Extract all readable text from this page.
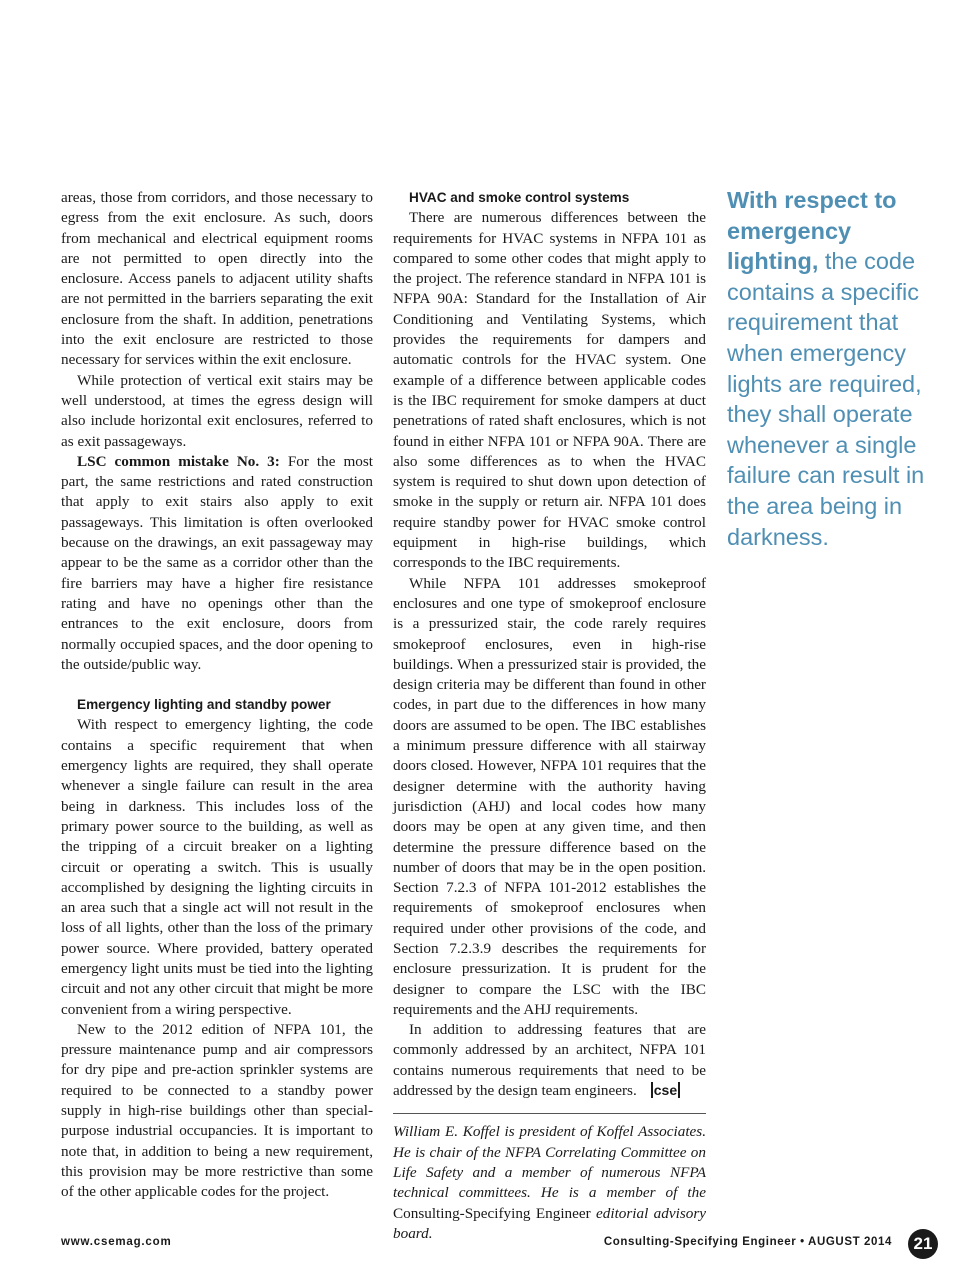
areas, those from corridors, and those necessary to egress from the exit enclosure. As such, doors from mechanical and electrical equipment rooms are not permitted to open directly into the enclosure. Access panels to adjacent utility shafts are not permitted in the barriers separating the exit enclosure from the shaft. In addition, penetrations into the exit enclosure are restricted to those necessary for services within the exit enclosure.

While protection of vertical exit stairs may be well understood, at times the egress design will also include horizontal exit enclosures, referred to as exit passageways.

LSC common mistake No. 3: For the most part, the same restrictions and rated construction that apply to exit stairs also apply to exit passageways. This limitation is often overlooked because on the drawings, an exit passageway may appear to be the same as a corridor other than the fire barriers may have a higher fire resistance rating and have no openings other than the entrances to the exit enclosure, doors from normally occupied spaces, and the door opening to the outside/public way.

Emergency lighting and standby power

With respect to emergency lighting, the code contains a specific requirement that when emergency lights are required, they shall operate whenever a single failure can result in the area being in darkness. This includes loss of the primary power source to the building, as well as the tripping of a circuit breaker on a lighting circuit or operating a switch. This is usually accomplished by designing the lighting circuits in an area such that a single act will not result in the loss of all lights, other than the loss of the primary power source. Where provided, battery operated emergency light units must be tied into the lighting circuit and not any other circuit that might be more convenient from a wiring perspective.

New to the 2012 edition of NFPA 101, the pressure maintenance pump and air compressors for dry pipe and pre-action sprinkler systems are required to be connected to a standby power supply in high-rise buildings other than special-purpose industrial occupancies. It is important to note that, in addition to being a new requirement, this provision may be more restrictive than some of the other applicable codes for the project.

HVAC and smoke control systems

There are numerous differences between the requirements for HVAC systems in NFPA 101 as compared to some other codes that might apply to the project. The reference standard in NFPA 101 is NFPA 90A: Standard for the Installation of Air Conditioning and Ventilating Systems, which provides the requirements for dampers and automatic controls for the HVAC system. One example of a difference between applicable codes is the IBC requirement for smoke dampers at duct penetrations of rated shaft enclosures, which is not found in either NFPA 101 or NFPA 90A. There are also some differences as to when the HVAC system is required to shut down upon detection of smoke in the supply or return air. NFPA 101 does require standby power for HVAC smoke control equipment in high-rise buildings, which corresponds to the IBC requirements.

While NFPA 101 addresses smokeproof enclosures and one type of smokeproof enclosure is a pressurized stair, the code rarely requires smokeproof enclosures, even in high-rise buildings. When a pressurized stair is provided, the design criteria may be different than found in other codes, in part due to the differences in how many doors are assumed to be open. The IBC establishes a minimum pressure difference with all stairway doors closed. However, NFPA 101 requires that the designer determine with the authority having jurisdiction (AHJ) and local codes how many doors may be open at any given time, and then determine the pressure difference based on the number of doors that may be in the open position. Section 7.2.3 of NFPA 101-2012 establishes the requirements of smokeproof enclosures when required under other provisions of the code, and Section 7.2.3.9 describes the requirements for enclosure pressurization. It is prudent for the designer to compare the LSC with the IBC requirements and the AHJ requirements.

In addition to addressing features that are commonly addressed by an architect, NFPA 101 contains numerous requirements that need to be addressed by the design team engineers. cse

William E. Koffel is president of Koffel Associates. He is chair of the NFPA Correlating Committee on Life Safety and a member of numerous NFPA technical committees. He is a member of the Consulting-Specifying Engineer editorial advisory board.

With respect to emergency lighting, the code contains a specific requirement that when emergency lights are required, they shall operate whenever a single failure can result in the area being in darkness.
www.csemag.com	Consulting-Specifying Engineer • AUGUST 2014	21
